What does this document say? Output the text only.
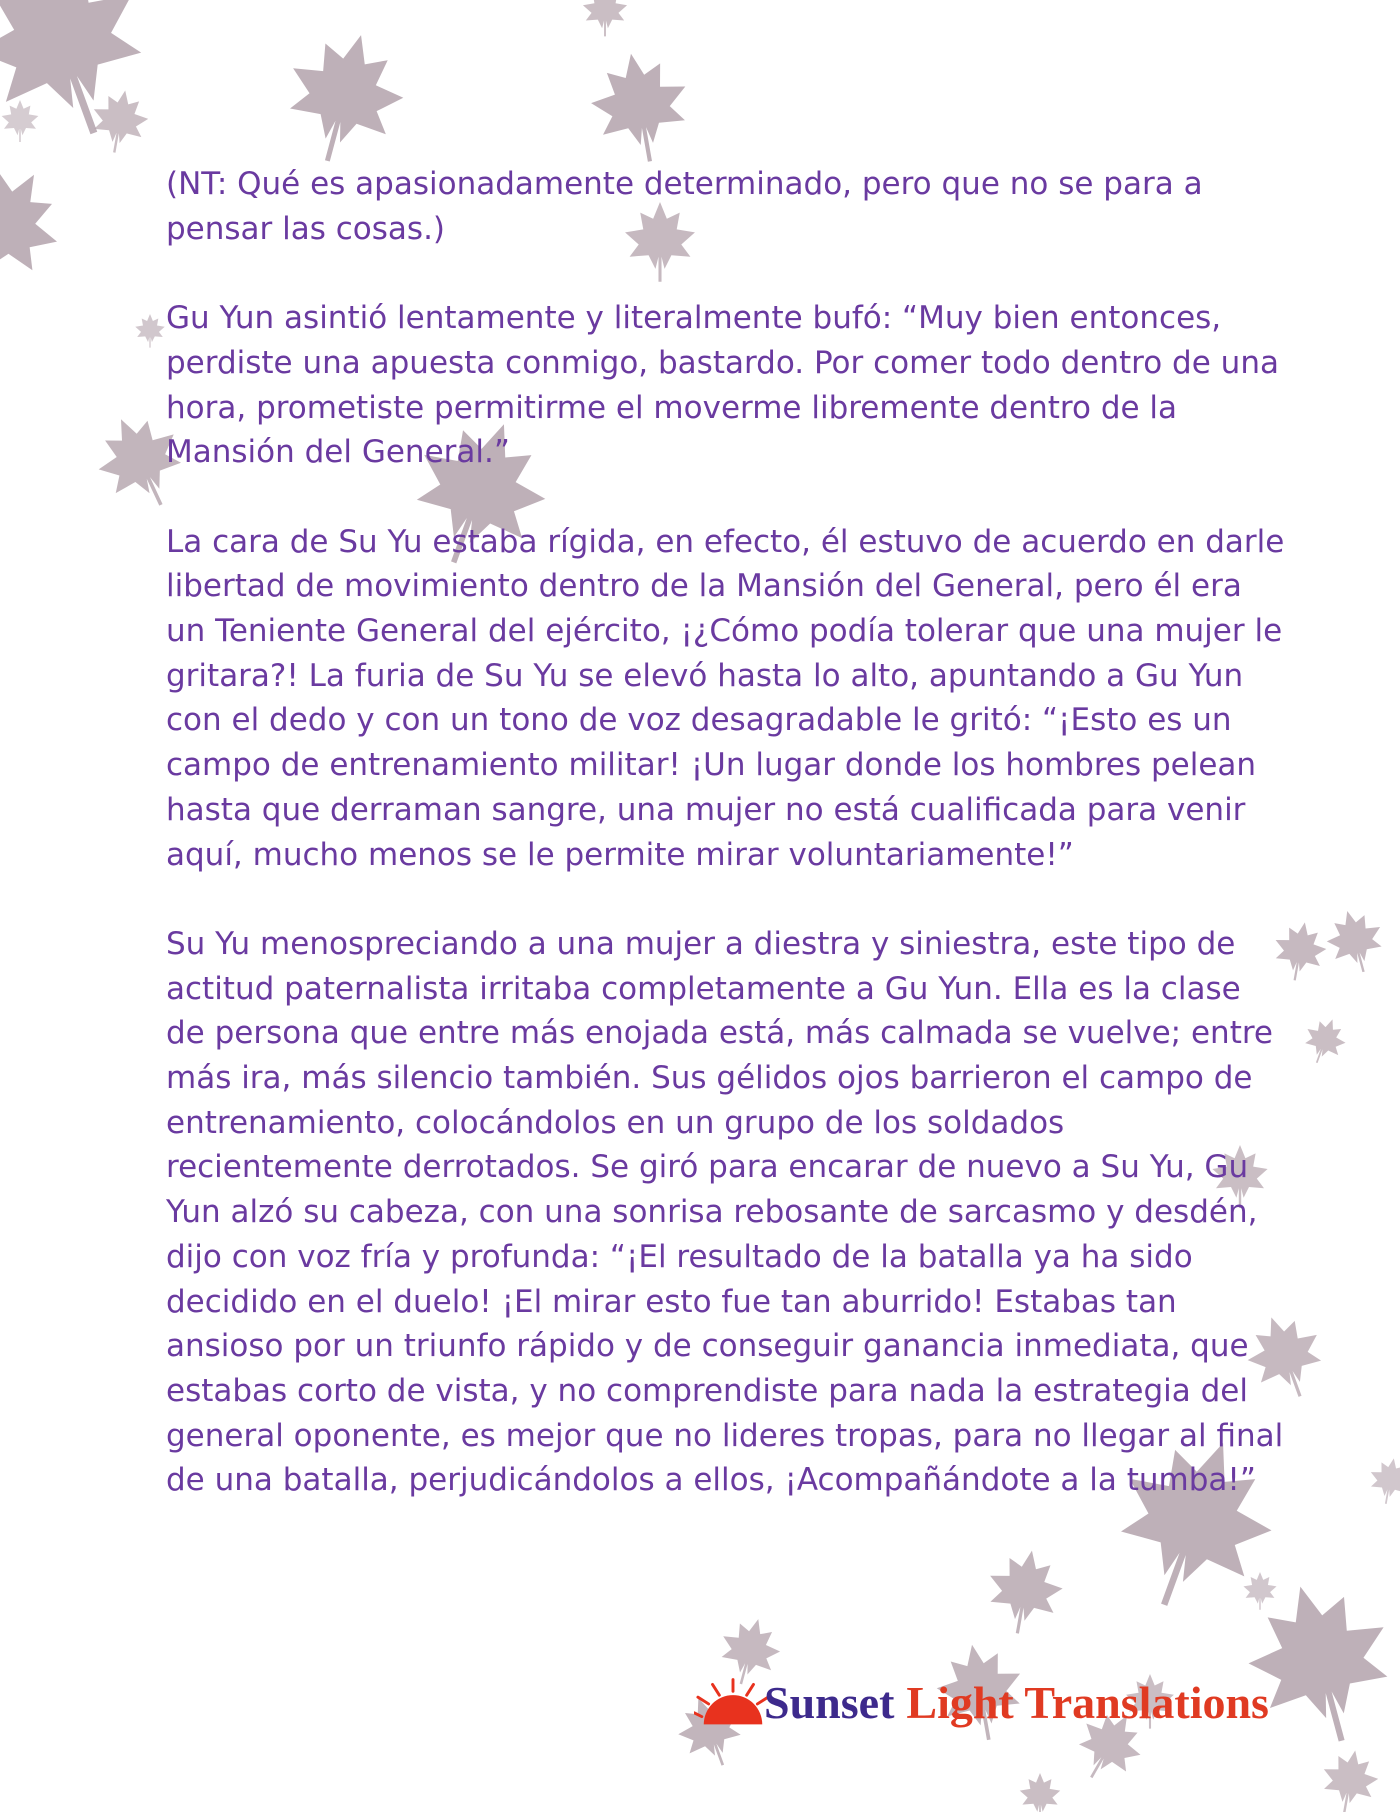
(NT: Qué es apasionadamente determinado, pero que no se para a pensar las cosas.)

Gu Yun asintió lentamente y literalmente bufó: “Muy bien entonces, perdiste una apuesta conmigo, bastardo. Por comer todo dentro de una hora, prometiste permitirme el moverme libremente dentro de la Mansión del General.”

La cara de Su Yu estaba rígida, en efecto, él estuvo de acuerdo en darle libertad de movimiento dentro de la Mansión del General, pero él era un Teniente General del ejército, ¡¿Cómo podía tolerar que una mujer le gritara?! La furia de Su Yu se elevó hasta lo alto, apuntando a Gu Yun con el dedo y con un tono de voz desagradable le gritó: “¡Esto es un campo de entrenamiento militar! ¡Un lugar donde los hombres pelean hasta que derraman sangre, una mujer no está cualificada para venir aquí, mucho menos se le permite mirar voluntariamente!”

Su Yu menospreciando a una mujer a diestra y siniestra, este tipo de actitud paternalista irritaba completamente a Gu Yun. Ella es la clase de persona que entre más enojada está, más calmada se vuelve; entre más ira, más silencio también. Sus gélidos ojos barrieron el campo de entrenamiento, colocándolos en un grupo de los soldados recientemente derrotados. Se giró para encarar de nuevo a Su Yu, Gu Yun alzó su cabeza, con una sonrisa rebosante de sarcasmo y desdén, dijo con voz fría y profunda: “¡El resultado de la batalla ya ha sido decidido en el duelo! ¡El mirar esto fue tan aburrido! Estabas tan ansioso por un triunfo rápido y de conseguir ganancia inmediata, que estabas corto de vista, y no comprendiste para nada la estrategia del general oponente, es mejor que no lideres tropas, para no llegar al final de una batalla, perjudicándolos a ellos, ¡Acompañándote a la tumba!”

Sunset Light Translations
